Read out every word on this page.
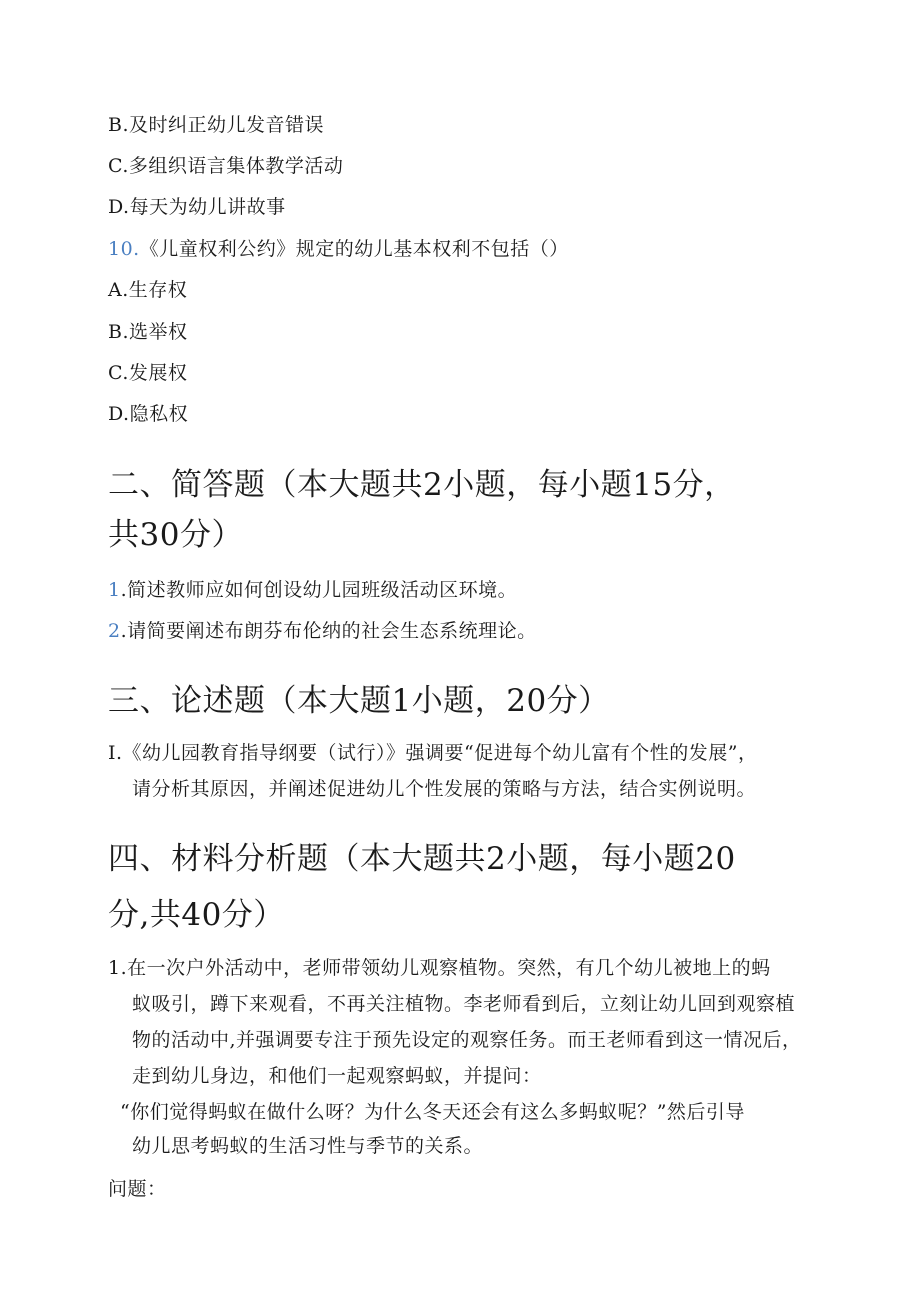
B.及时纠正幼儿发音错误
C.多组织语言集体教学活动
D.每天为幼儿讲故事
10.《儿童权利公约》规定的幼儿基本权利不包括（）
A.生存权
B.选举权
C.发展权
D.隐私权
二、简答题（本大题共2小题，每小题15分，
共30分）
1.简述教师应如何创设幼儿园班级活动区环境。
2.请简要阐述布朗芬布伦纳的社会生态系统理论。
三、论述题（本大题1小题，20分）
I.《幼儿园教育指导纲要（试行）》强调要“促进每个幼儿富有个性的发展”，
请分析其原因，并阐述促进幼儿个性发展的策略与方法，结合实例说明。
四、材料分析题（本大题共2小题，每小题20
分,共40分）
1.在一次户外活动中，老师带领幼儿观察植物。突然，有几个幼儿被地上的蚂
蚁吸引，蹲下来观看，不再关注植物。李老师看到后，立刻让幼儿回到观察植
物的活动中,并强调要专注于预先设定的观察任务。而王老师看到这一情况后，
走到幼儿身边，和他们一起观察蚂蚁，并提问：
“你们觉得蚂蚁在做什么呀？为什么冬天还会有这么多蚂蚁呢？”然后引导
幼儿思考蚂蚁的生活习性与季节的关系。
问题：
